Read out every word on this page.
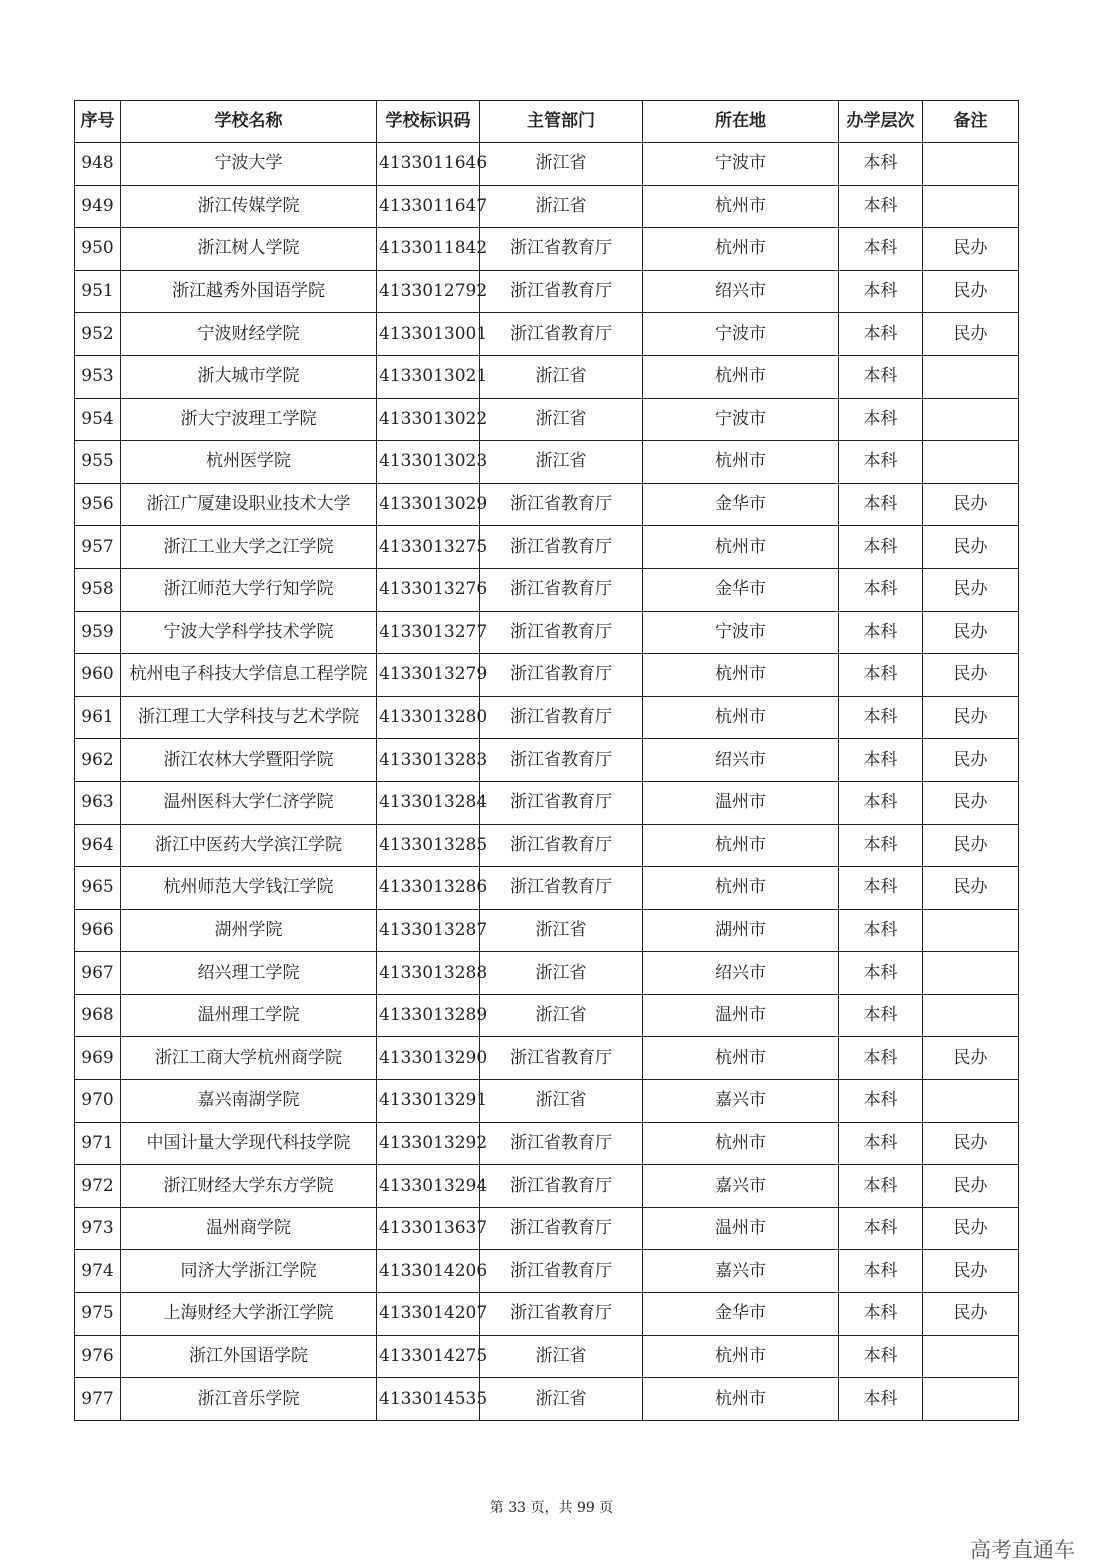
序号	学校名称	学校标识码	主管部门	所在地	办学层次	备注
948	宁波大学	4133011646	浙江省	宁波市	本科	
949	浙江传媒学院	4133011647	浙江省	杭州市	本科	
950	浙江树人学院	4133011842	浙江省教育厅	杭州市	本科	民办
951	浙江越秀外国语学院	4133012792	浙江省教育厅	绍兴市	本科	民办
952	宁波财经学院	4133013001	浙江省教育厅	宁波市	本科	民办
953	浙大城市学院	4133013021	浙江省	杭州市	本科	
954	浙大宁波理工学院	4133013022	浙江省	宁波市	本科	
955	杭州医学院	4133013023	浙江省	杭州市	本科	
956	浙江广厦建设职业技术大学	4133013029	浙江省教育厅	金华市	本科	民办
957	浙江工业大学之江学院	4133013275	浙江省教育厅	杭州市	本科	民办
958	浙江师范大学行知学院	4133013276	浙江省教育厅	金华市	本科	民办
959	宁波大学科学技术学院	4133013277	浙江省教育厅	宁波市	本科	民办
960	杭州电子科技大学信息工程学院	4133013279	浙江省教育厅	杭州市	本科	民办
961	浙江理工大学科技与艺术学院	4133013280	浙江省教育厅	杭州市	本科	民办
962	浙江农林大学暨阳学院	4133013283	浙江省教育厅	绍兴市	本科	民办
963	温州医科大学仁济学院	4133013284	浙江省教育厅	温州市	本科	民办
964	浙江中医药大学滨江学院	4133013285	浙江省教育厅	杭州市	本科	民办
965	杭州师范大学钱江学院	4133013286	浙江省教育厅	杭州市	本科	民办
966	湖州学院	4133013287	浙江省	湖州市	本科	
967	绍兴理工学院	4133013288	浙江省	绍兴市	本科	
968	温州理工学院	4133013289	浙江省	温州市	本科	
969	浙江工商大学杭州商学院	4133013290	浙江省教育厅	杭州市	本科	民办
970	嘉兴南湖学院	4133013291	浙江省	嘉兴市	本科	
971	中国计量大学现代科技学院	4133013292	浙江省教育厅	杭州市	本科	民办
972	浙江财经大学东方学院	4133013294	浙江省教育厅	嘉兴市	本科	民办
973	温州商学院	4133013637	浙江省教育厅	温州市	本科	民办
974	同济大学浙江学院	4133014206	浙江省教育厅	嘉兴市	本科	民办
975	上海财经大学浙江学院	4133014207	浙江省教育厅	金华市	本科	民办
976	浙江外国语学院	4133014275	浙江省	杭州市	本科	
977	浙江音乐学院	4133014535	浙江省	杭州市	本科	
第 33 页，共 99 页
高考直通车
